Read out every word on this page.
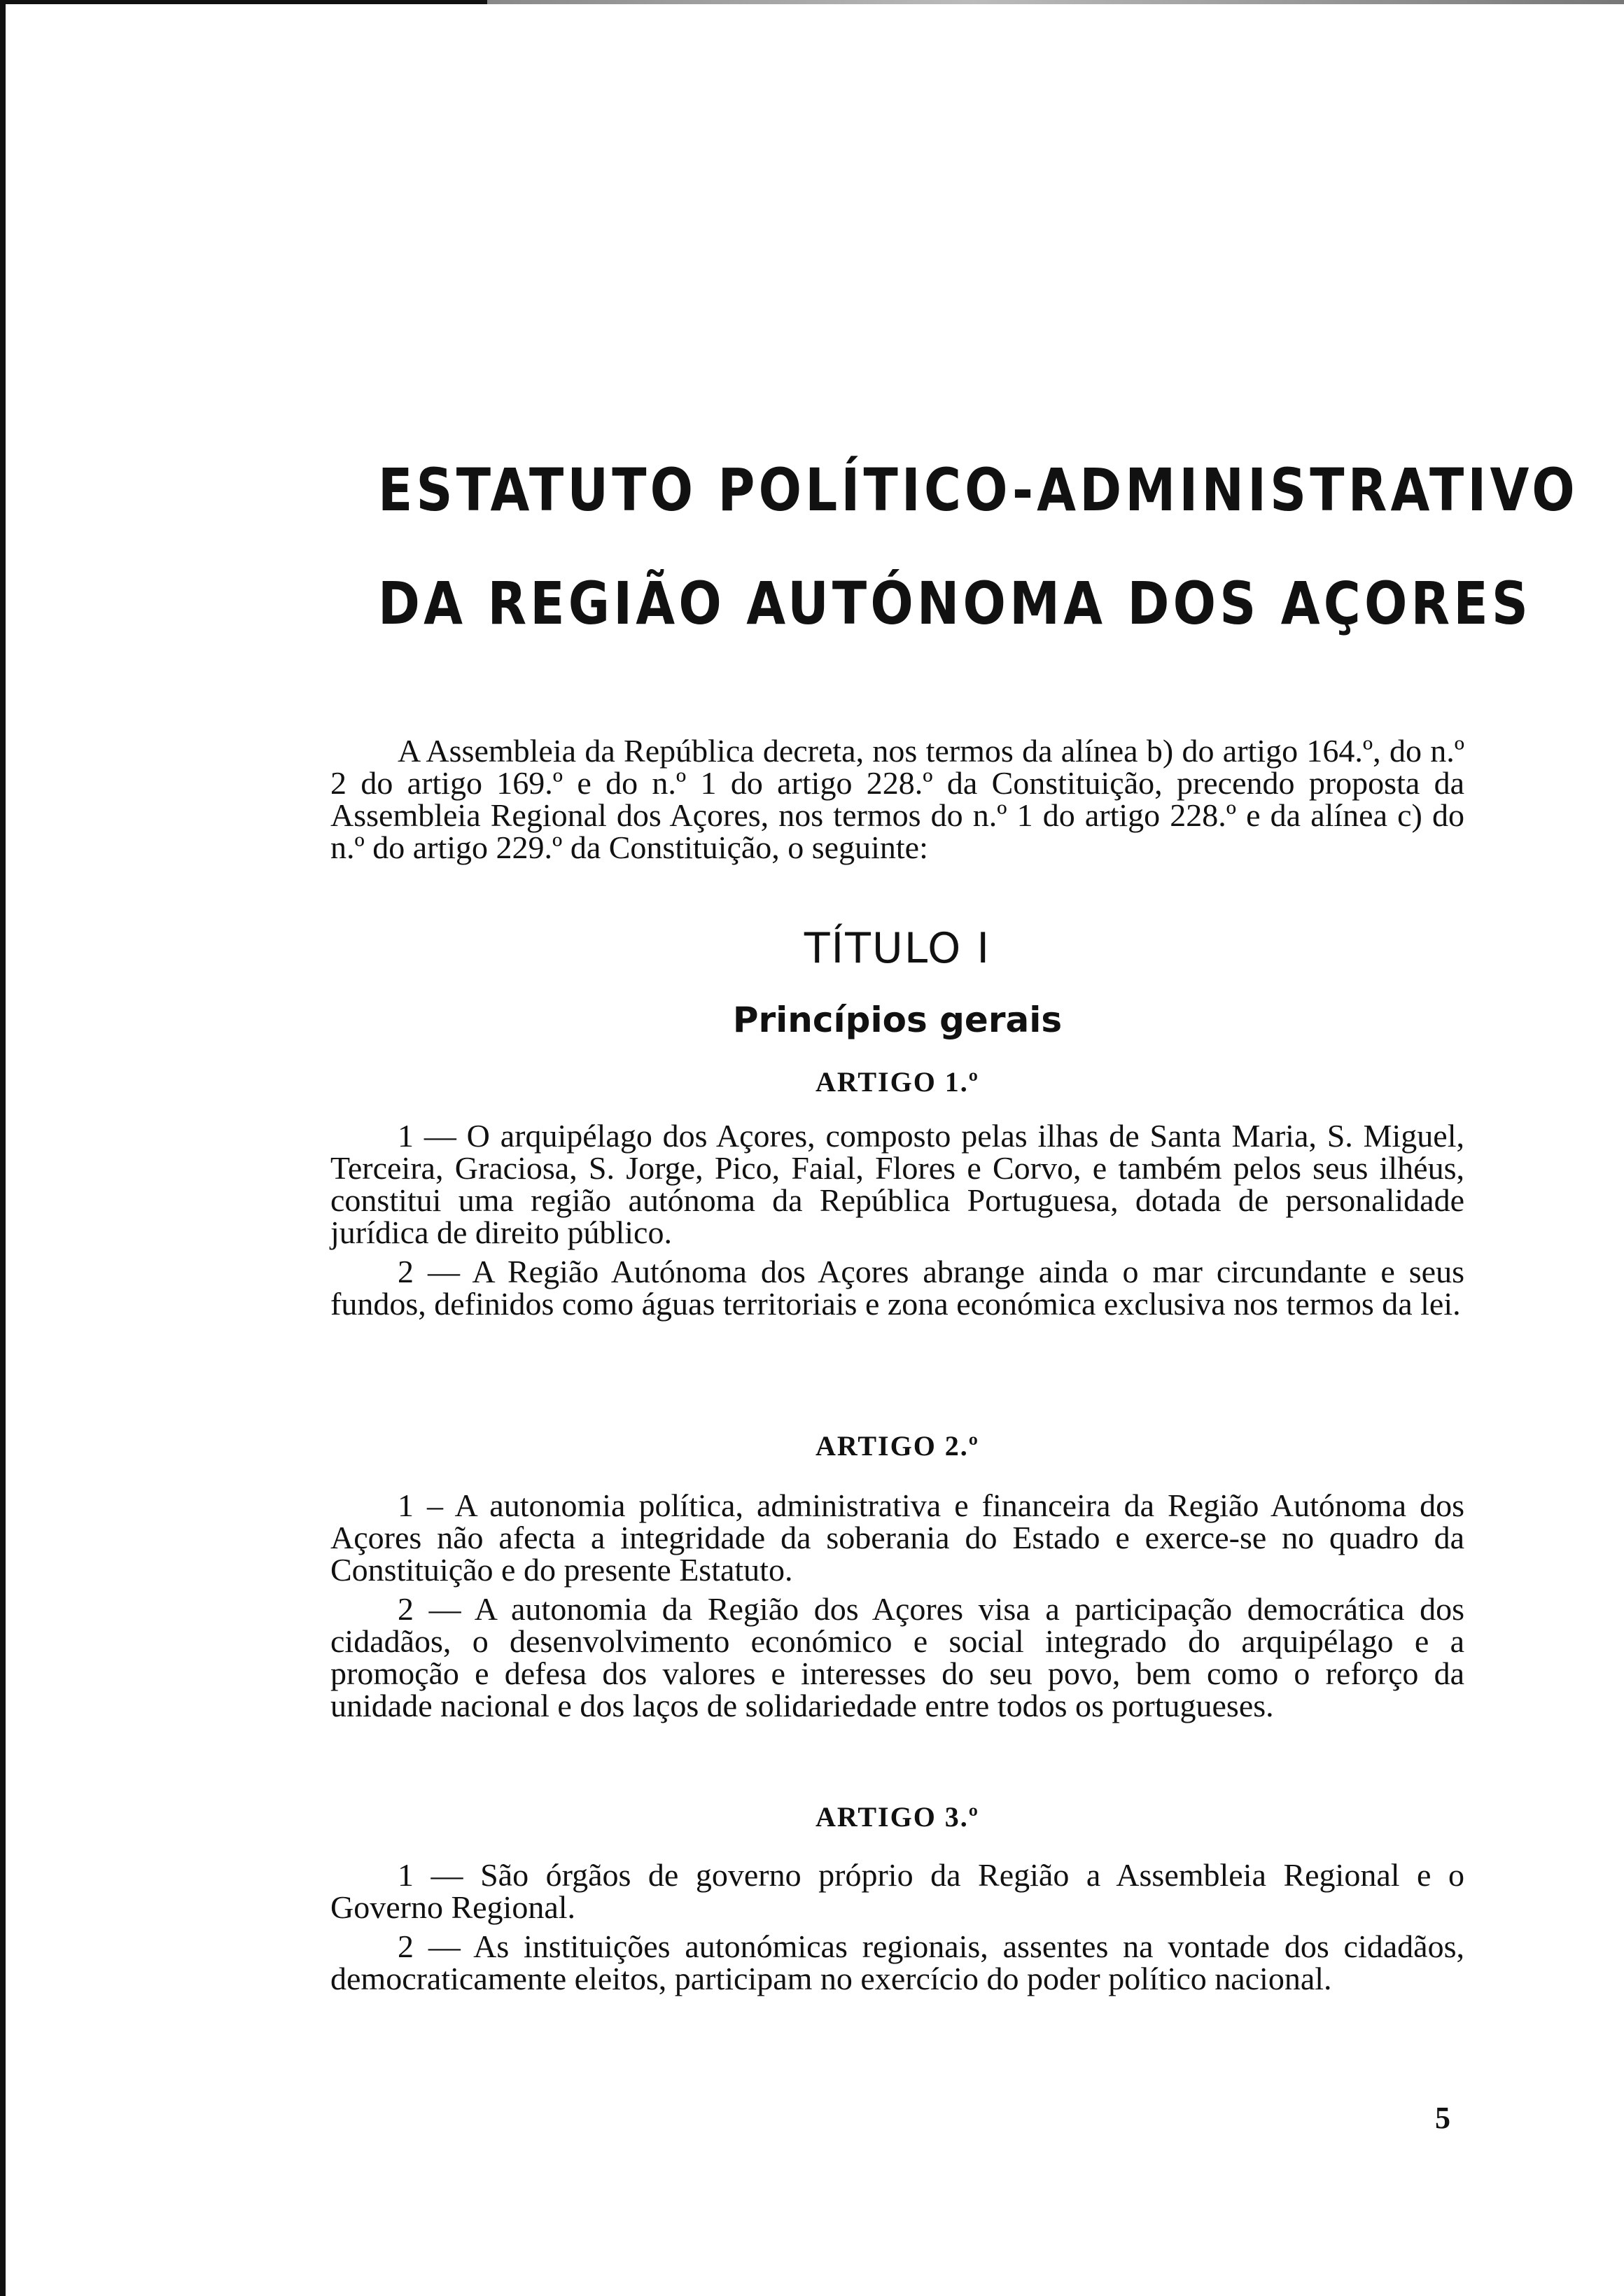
ESTATUTO POLÍTICO-ADMINISTRATIVO
DA REGIÃO AUTÓNOMA DOS AÇORES

A Assembleia da República decreta, nos termos da alínea b) do artigo 164.º, do n.º 2 do artigo 169.º e do n.º 1 do artigo 228.º da Constituição, precendo proposta da Assembleia Regional dos Açores, nos termos do n.º 1 do artigo 228.º e da alínea c) do n.º do artigo 229.º da Constituição, o seguinte:

TÍTULO I
Princípios gerais
ARTIGO 1.º

1 — O arquipélago dos Açores, composto pelas ilhas de Santa Maria, S. Miguel, Terceira, Graciosa, S. Jorge, Pico, Faial, Flores e Corvo, e também pelos seus ilhéus, constitui uma região autónoma da República Portuguesa, dotada de personalidade jurídica de direito público.

2 — A Região Autónoma dos Açores abrange ainda o mar circundante e seus fundos, definidos como águas territoriais e zona económica exclusiva nos termos da lei.

ARTIGO 2.º

1 – A autonomia política, administrativa e financeira da Região Autónoma dos Açores não afecta a integridade da soberania do Estado e exerce-se no quadro da Constituição e do presente Estatuto.

2 — A autonomia da Região dos Açores visa a participação democrática dos cidadãos, o desenvolvimento económico e social integrado do arquipélago e a promoção e defesa dos valores e interesses do seu povo, bem como o reforço da unidade nacional e dos laços de solidariedade entre todos os portugueses.

ARTIGO 3.º

1 — São órgãos de governo próprio da Região a Assembleia Regional e o Governo Regional.

2 — As instituições autonómicas regionais, assentes na vontade dos cidadãos, democraticamente eleitos, participam no exercício do poder político nacional.

5
